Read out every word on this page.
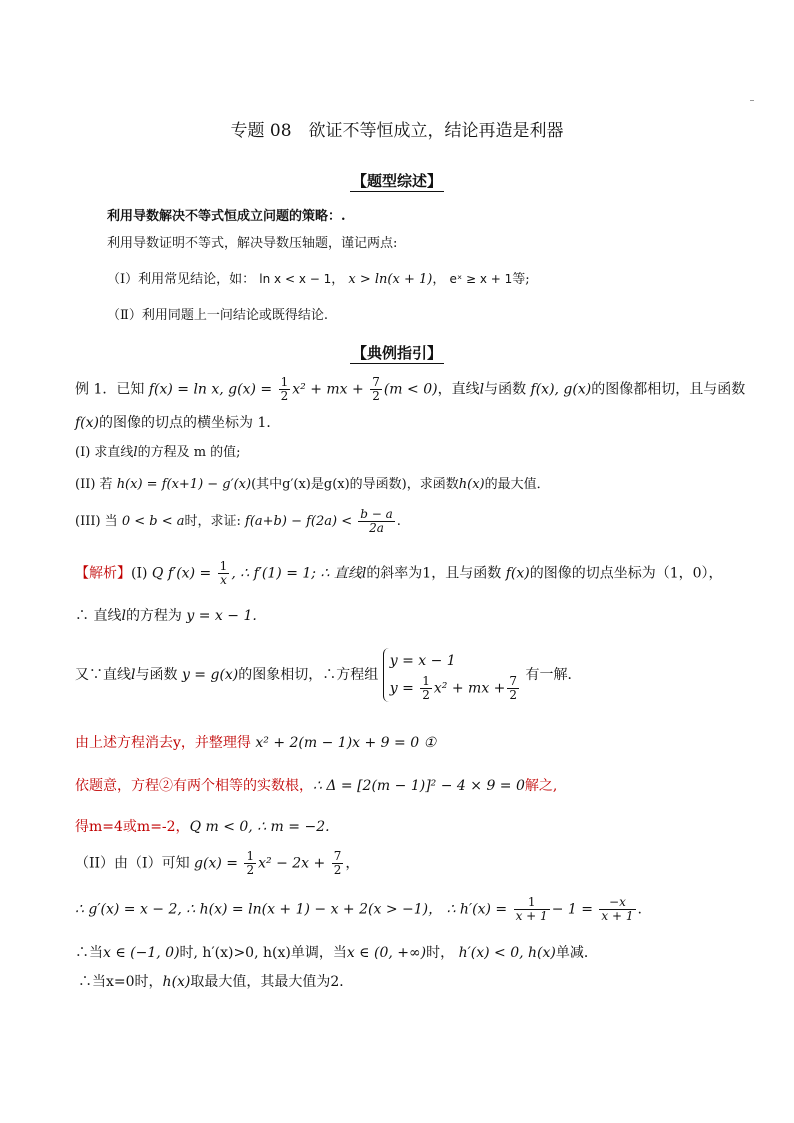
专题 08　欲证不等恒成立，结论再造是利器
【题型综述】
利用导数解决不等式恒成立问题的策略：.
利用导数证明不等式，解决导数压轴题，谨记两点:
（Ⅰ）利用常见结论，如： ln x < x − 1， x > ln(x + 1)， eˣ ≥ x + 1等;
（Ⅱ）利用同题上一问结论或既得结论.
【典例指引】
例 1．已知 f(x) = ln x, $g(x) = \frac{1}{2} x^2$ + mx + $\frac{7}{2} (m < 0)$，直线l与函数 f(x), g(x)的图像都相切，且与函数
f(x)的图像的切点的横坐标为 1．
(I) 求直线l的方程及 m 的值;
(II) 若 h(x) = f(x+1) − g′(x)(其中g′(x)是g(x)的导函数)，求函数h(x)的最大值．
(III) 当 0 < b < a时，求证: $f(a+b) - f(2a) < \frac{b - a}{2a}$ .
【解析】(I) Q $f'(x) = \frac{1}{x}$ , ∴ f′(1) = 1; ∴ 直线l的斜率为1，且与函数 f(x)的图像的切点坐标为（1，0），
∴ 直线l的方程为 y = x − 1.
又∵直线l与函数 y = g(x)的图象相切，∴方程组
y = x − 1
$y = \frac{1}{2} x^2$ + mx + $\frac{7}{2}$ 有一解．
由上述方程消去y，并整理得 x² + 2(m − 1)x + 9 = 0 ①
依题意，方程②有两个相等的实数根，∴ Δ = [2(m − 1)]² − 4 × 9 = 0解之,
得m=4或m=-2，Q m < 0, ∴ m = −2.
（II）由（I）可知 $g(x) = \frac{1}{2} x^2 - 2x + \frac{7}{2}$ ，
∴ g′(x) = x − 2, ∴ h(x) = ln(x + 1) − x + 2(x > −1)， ∴ $h'(x) = \frac{1}{x + 1} - 1 = \frac{-x}{x + 1}$ .
∴当x ∈ (−1, 0)时, h′(x)>0, h(x)单调，当x ∈ (0, +∞)时， h′(x) < 0, h(x)单减．
∴当x=0时，h(x)取最大值，其最大值为2．
